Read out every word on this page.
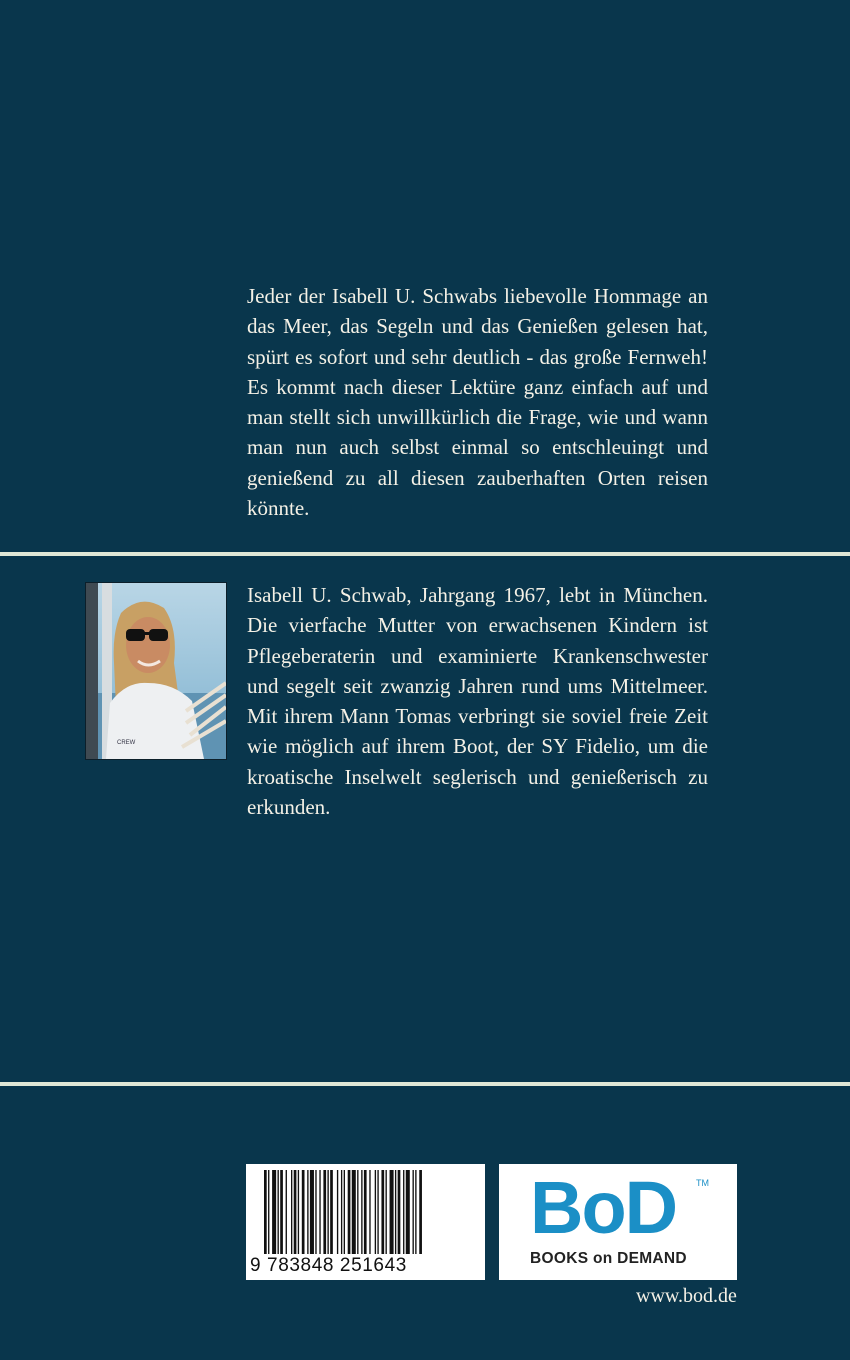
Jeder der Isabell U. Schwabs liebevolle Hommage an das Meer, das Segeln und das Genießen gelesen hat, spürt es sofort und sehr deutlich - das große Fernweh! Es kommt nach dieser Lektüre ganz einfach auf und man stellt sich unwillkürlich die Frage, wie und wann man nun auch selbst einmal so entschleuingt und genießend zu all diesen zauberhaften Orten reisen könnte.

CREW

Isabell U. Schwab, Jahrgang 1967, lebt in München. Die vierfache Mutter von erwachsenen Kindern ist Pflegeberaterin und examinierte Krankenschwester und segelt seit zwanzig Jahren rund ums Mittelmeer. Mit ihrem Mann Tomas verbringt sie soviel freie Zeit wie möglich auf ihrem Boot, der SY Fidelio, um die kroatische Inselwelt seglerisch und genießerisch zu erkunden.

9 783848 251643
BoD TM
BOOKS on DEMAND
www.bod.de
